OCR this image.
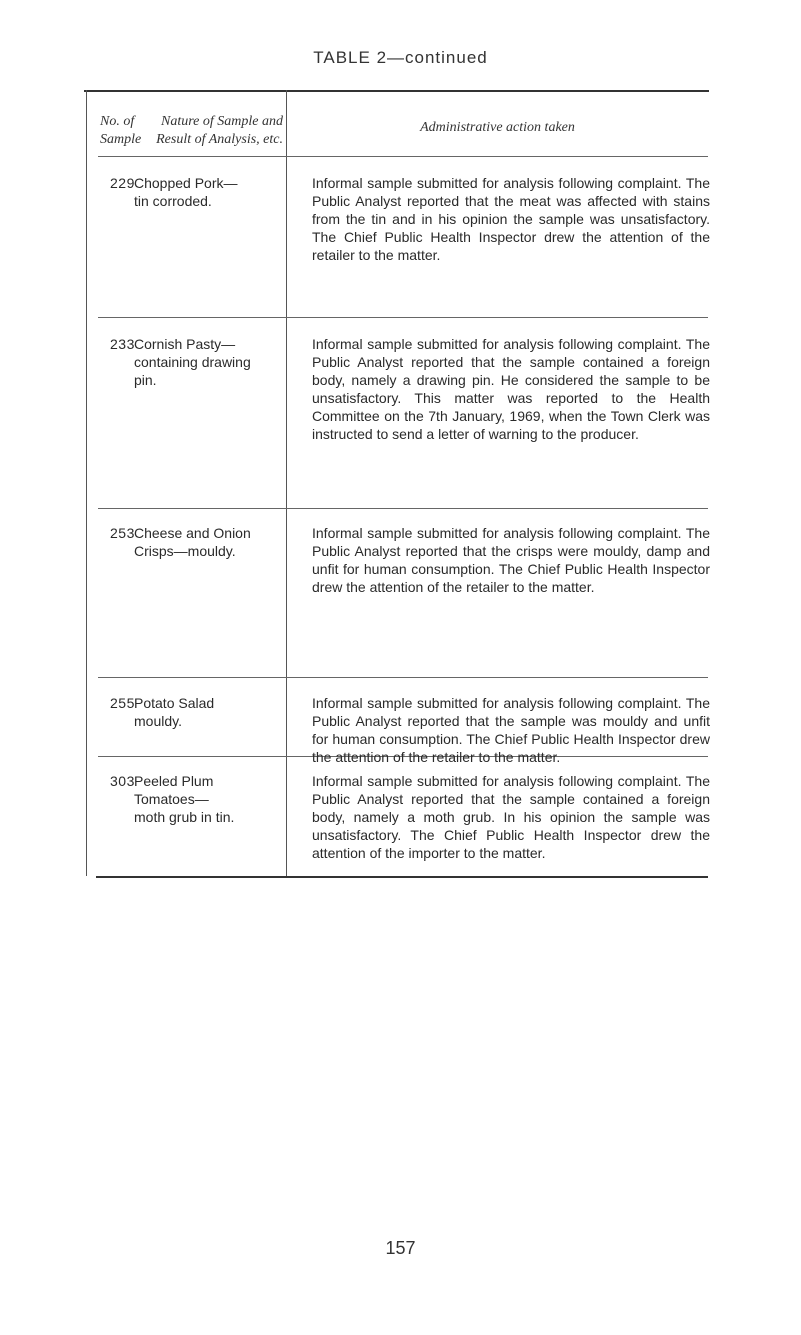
TABLE 2—continued
No. of
Sample
Nature of Sample and
Result of Analysis, etc.
Administrative action taken
229 Chopped Pork—
tin corroded.
Informal sample submitted for analysis following complaint. The Public Analyst reported that the meat was affected with stains from the tin and in his opinion the sample was unsatisfactory. The Chief Public Health Inspector drew the attention of the retailer to the matter.
233 Cornish Pasty—
containing drawing
pin.
Informal sample submitted for analysis following complaint. The Public Analyst reported that the sample contained a foreign body, namely a drawing pin. He considered the sample to be unsatisfactory. This matter was reported to the Health Committee on the 7th January, 1969, when the Town Clerk was instructed to send a letter of warning to the producer.
253 Cheese and Onion
Crisps—mouldy.
Informal sample submitted for analysis following complaint. The Public Analyst reported that the crisps were mouldy, damp and unfit for human consumption. The Chief Public Health Inspector drew the attention of the retailer to the matter.
255 Potato Salad
mouldy.
Informal sample submitted for analysis following complaint. The Public Analyst reported that the sample was mouldy and unfit for human consumption. The Chief Public Health Inspector drew the attention of the retailer to the matter.
303 Peeled Plum
Tomatoes—
moth grub in tin.
Informal sample submitted for analysis following complaint. The Public Analyst reported that the sample contained a foreign body, namely a moth grub. In his opinion the sample was unsatisfactory. The Chief Public Health Inspector drew the attention of the importer to the matter.
157
